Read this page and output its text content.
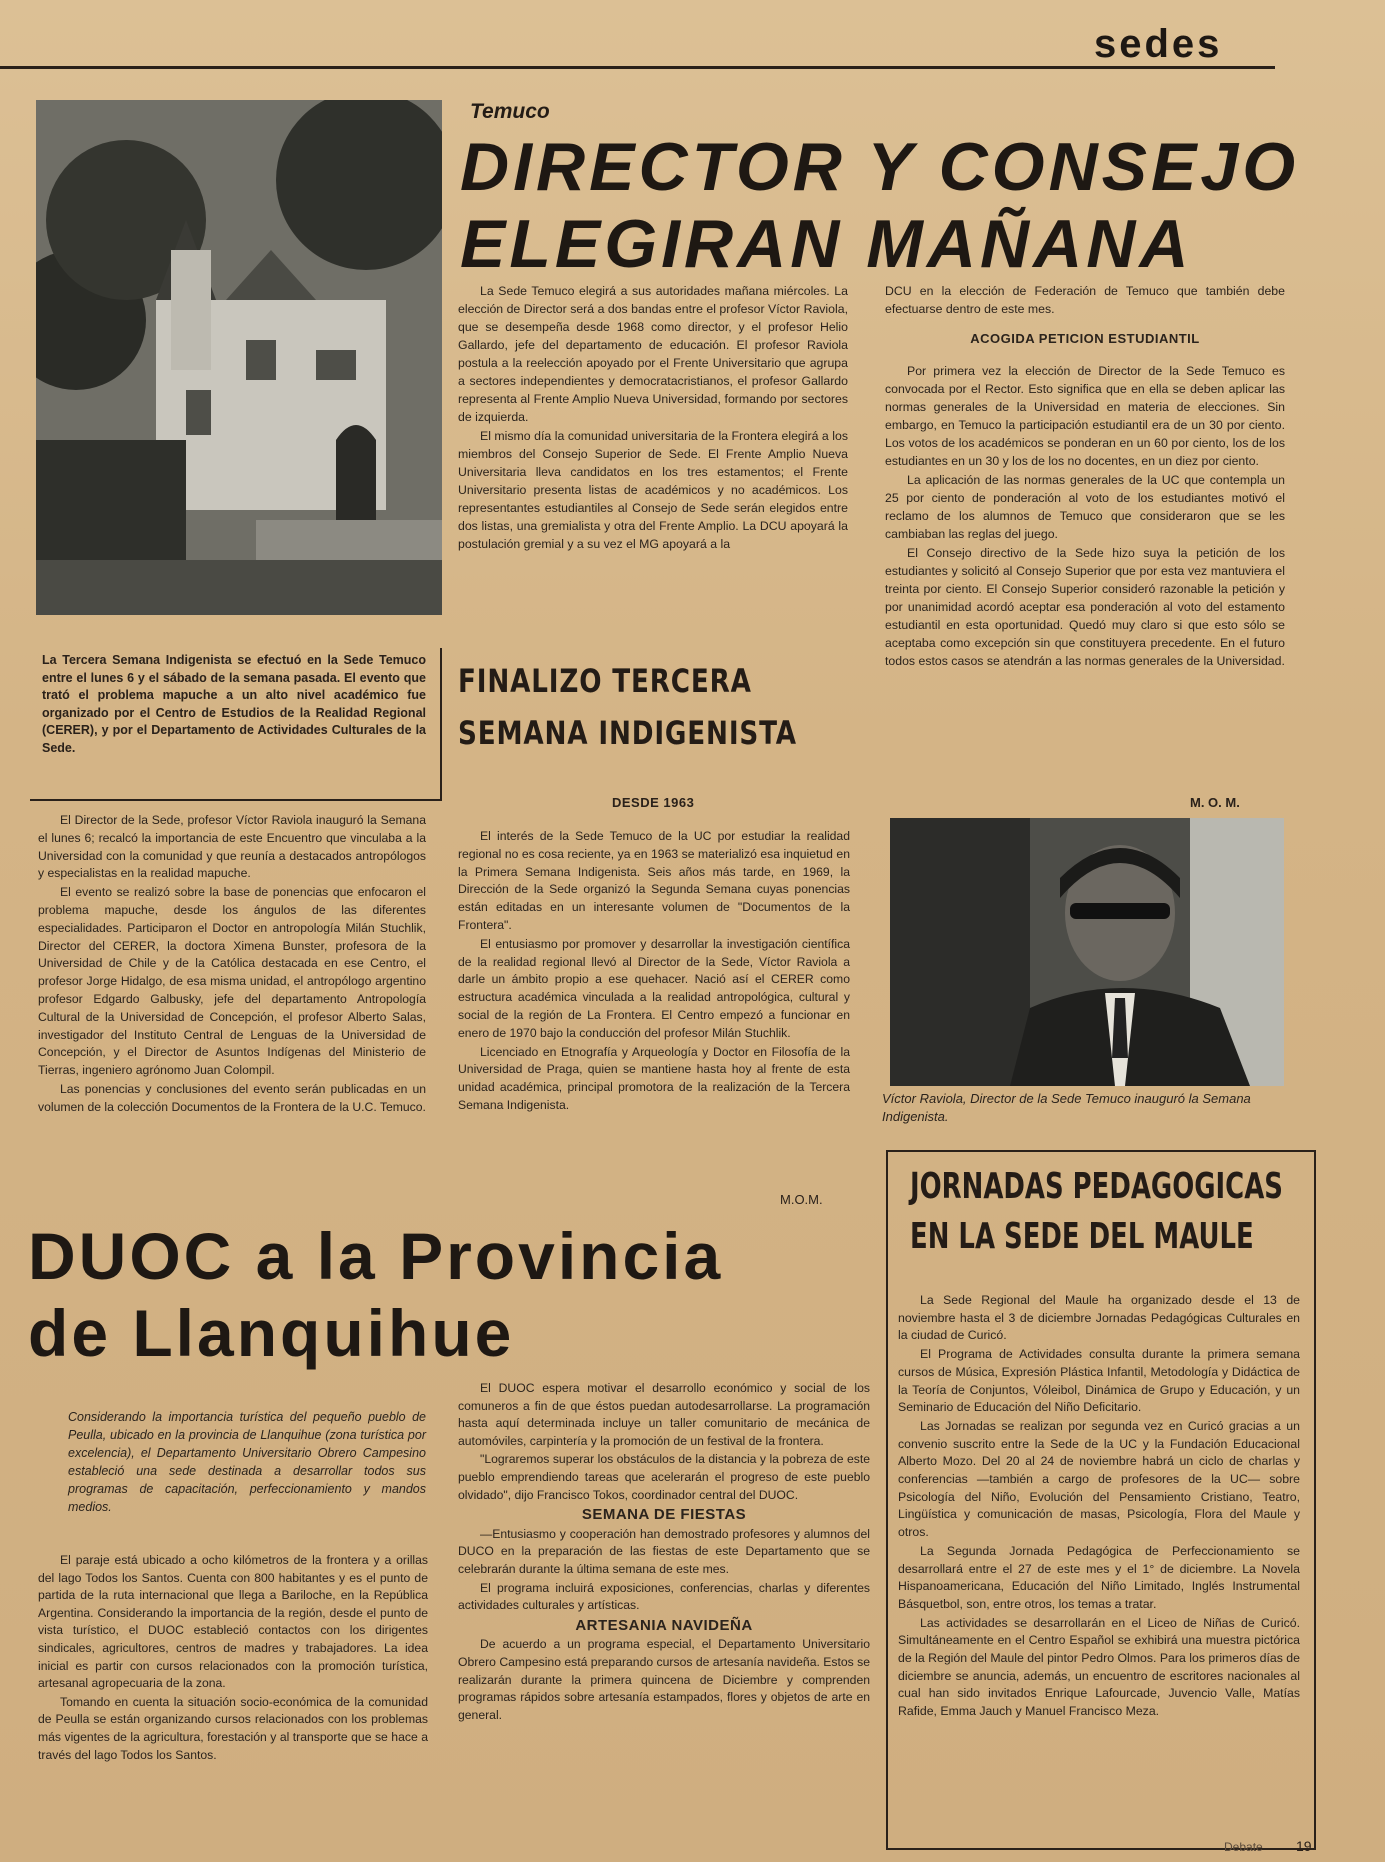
sedes
Temuco
DIRECTOR Y CONSEJO
ELEGIRAN MAÑANA

La Sede Temuco elegirá a sus autoridades mañana miércoles. La elección de Director será a dos bandas entre el profesor Víctor Raviola, que se desempeña desde 1968 como director, y el profesor Helio Gallardo, jefe del departamento de educación. El profesor Raviola postula a la reelección apoyado por el Frente Universitario que agrupa a sectores independientes y democratacristianos, el profesor Gallardo representa al Frente Amplio Nueva Universidad, formando por sectores de izquierda.

El mismo día la comunidad universitaria de la Frontera elegirá a los miembros del Consejo Superior de Sede. El Frente Amplio Nueva Universitaria lleva candidatos en los tres estamentos; el Frente Universitario presenta listas de académicos y no académicos. Los representantes estudiantiles al Consejo de Sede serán elegidos entre dos listas, una gremialista y otra del Frente Amplio. La DCU apoyará la postulación gremial y a su vez el MG apoyará a la

DCU en la elección de Federación de Temuco que también debe efectuarse dentro de este mes.

ACOGIDA PETICION ESTUDIANTIL

Por primera vez la elección de Director de la Sede Temuco es convocada por el Rector. Esto significa que en ella se deben aplicar las normas generales de la Universidad en materia de elecciones. Sin embargo, en Temuco la participación estudiantil era de un 30 por ciento. Los votos de los académicos se ponderan en un 60 por ciento, los de los estudiantes en un 30 y los de los no docentes, en un diez por ciento.

La aplicación de las normas generales de la UC que contempla un 25 por ciento de ponderación al voto de los estudiantes motivó el reclamo de los alumnos de Temuco que consideraron que se les cambiaban las reglas del juego.

El Consejo directivo de la Sede hizo suya la petición de los estudiantes y solicitó al Consejo Superior que por esta vez mantuviera el treinta por ciento. El Consejo Superior consideró razonable la petición y por unanimidad acordó aceptar esa ponderación al voto del estamento estudiantil en esta oportunidad. Quedó muy claro si que esto sólo se aceptaba como excepción sin que constituyera precedente. En el futuro todos estos casos se atendrán a las normas generales de la Universidad.

M. O. M.
La Tercera Semana Indigenista se efectuó en la Sede Temuco entre el lunes 6 y el sábado de la semana pasada. El evento que trató el problema mapuche a un alto nivel académico fue organizado por el Centro de Estudios de la Realidad Regional (CERER), y por el Departamento de Actividades Culturales de la Sede.
FINALIZO TERCERA
SEMANA INDIGENISTA

El Director de la Sede, profesor Víctor Raviola inauguró la Semana el lunes 6; recalcó la importancia de este Encuentro que vinculaba a la Universidad con la comunidad y que reunía a destacados antropólogos y especialistas en la realidad mapuche.

El evento se realizó sobre la base de ponencias que enfocaron el problema mapuche, desde los ángulos de las diferentes especialidades. Participaron el Doctor en antropología Milán Stuchlik, Director del CERER, la doctora Ximena Bunster, profesora de la Universidad de Chile y de la Católica destacada en ese Centro, el profesor Jorge Hidalgo, de esa misma unidad, el antropólogo argentino profesor Edgardo Galbusky, jefe del departamento Antropología Cultural de la Universidad de Concepción, el profesor Alberto Salas, investigador del Instituto Central de Lenguas de la Universidad de Concepción, y el Director de Asuntos Indígenas del Ministerio de Tierras, ingeniero agrónomo Juan Colompil.

Las ponencias y conclusiones del evento serán publicadas en un volumen de la colección Documentos de la Frontera de la U.C. Temuco.

DESDE 1963

El interés de la Sede Temuco de la UC por estudiar la realidad regional no es cosa reciente, ya en 1963 se materializó esa inquietud en la Primera Semana Indigenista. Seis años más tarde, en 1969, la Dirección de la Sede organizó la Segunda Semana cuyas ponencias están editadas en un interesante volumen de "Documentos de la Frontera".

El entusiasmo por promover y desarrollar la investigación científica de la realidad regional llevó al Director de la Sede, Víctor Raviola a darle un ámbito propio a ese quehacer. Nació así el CERER como estructura académica vinculada a la realidad antropológica, cultural y social de la región de La Frontera. El Centro empezó a funcionar en enero de 1970 bajo la conducción del profesor Milán Stuchlik.

Licenciado en Etnografía y Arqueología y Doctor en Filosofía de la Universidad de Praga, quien se mantiene hasta hoy al frente de esta unidad académica, principal promotora de la realización de la Tercera Semana Indigenista.

M.O.M.
Víctor Raviola, Director de la Sede Temuco inauguró la Semana Indigenista.
JORNADAS PEDAGOGICAS
EN LA SEDE DEL MAULE

La Sede Regional del Maule ha organizado desde el 13 de noviembre hasta el 3 de diciembre Jornadas Pedagógicas Culturales en la ciudad de Curicó.

El Programa de Actividades consulta durante la primera semana cursos de Música, Expresión Plástica Infantil, Metodología y Didáctica de la Teoría de Conjuntos, Vóleibol, Dinámica de Grupo y Educación, y un Seminario de Educación del Niño Deficitario.

Las Jornadas se realizan por segunda vez en Curicó gracias a un convenio suscrito entre la Sede de la UC y la Fundación Educacional Alberto Mozo. Del 20 al 24 de noviembre habrá un ciclo de charlas y conferencias —también a cargo de profesores de la UC— sobre Psicología del Niño, Evolución del Pensamiento Cristiano, Teatro, Lingüística y comunicación de masas, Psicología, Flora del Maule y otros.

La Segunda Jornada Pedagógica de Perfeccionamiento se desarrollará entre el 27 de este mes y el 1° de diciembre. La Novela Hispanoamericana, Educación del Niño Limitado, Inglés Instrumental Básquetbol, son, entre otros, los temas a tratar.

Las actividades se desarrollarán en el Liceo de Niñas de Curicó. Simultáneamente en el Centro Español se exhibirá una muestra pictórica de la Región del Maule del pintor Pedro Olmos. Para los primeros días de diciembre se anuncia, además, un encuentro de escritores nacionales al cual han sido invitados Enrique Lafourcade, Juvencio Valle, Matías Rafide, Emma Jauch y Manuel Francisco Meza.

DUOC a la Provincia
de Llanquihue
Considerando la importancia turística del pequeño pueblo de Peulla, ubicado en la provincia de Llanquihue (zona turística por excelencia), el Departamento Universitario Obrero Campesino estableció una sede destinada a desarrollar todos sus programas de capacitación, perfeccionamiento y mandos medios.

El paraje está ubicado a ocho kilómetros de la frontera y a orillas del lago Todos los Santos. Cuenta con 800 habitantes y es el punto de partida de la ruta internacional que llega a Bariloche, en la República Argentina. Considerando la importancia de la región, desde el punto de vista turístico, el DUOC estableció contactos con los dirigentes sindicales, agricultores, centros de madres y trabajadores. La idea inicial es partir con cursos relacionados con la promoción turística, artesanal agropecuaria de la zona.

Tomando en cuenta la situación socio-económica de la comunidad de Peulla se están organizando cursos relacionados con los problemas más vigentes de la agricultura, forestación y al transporte que se hace a través del lago Todos los Santos.

El DUOC espera motivar el desarrollo económico y social de los comuneros a fin de que éstos puedan autodesarrollarse. La programación hasta aquí determinada incluye un taller comunitario de mecánica de automóviles, carpintería y la promoción de un festival de la frontera.

"Lograremos superar los obstáculos de la distancia y la pobreza de este pueblo emprendiendo tareas que acelerarán el progreso de este pueblo olvidado", dijo Francisco Tokos, coordinador central del DUOC.

SEMANA DE FIESTAS

—Entusiasmo y cooperación han demostrado profesores y alumnos del DUCO en la preparación de las fiestas de este Departamento que se celebrarán durante la última semana de este mes.

El programa incluirá exposiciones, conferencias, charlas y diferentes actividades culturales y artísticas.

ARTESANIA NAVIDEÑA

De acuerdo a un programa especial, el Departamento Universitario Obrero Campesino está preparando cursos de artesanía navideña. Estos se realizarán durante la primera quincena de Diciembre y comprenden programas rápidos sobre artesanía estampados, flores y objetos de arte en general.

Debate 19
